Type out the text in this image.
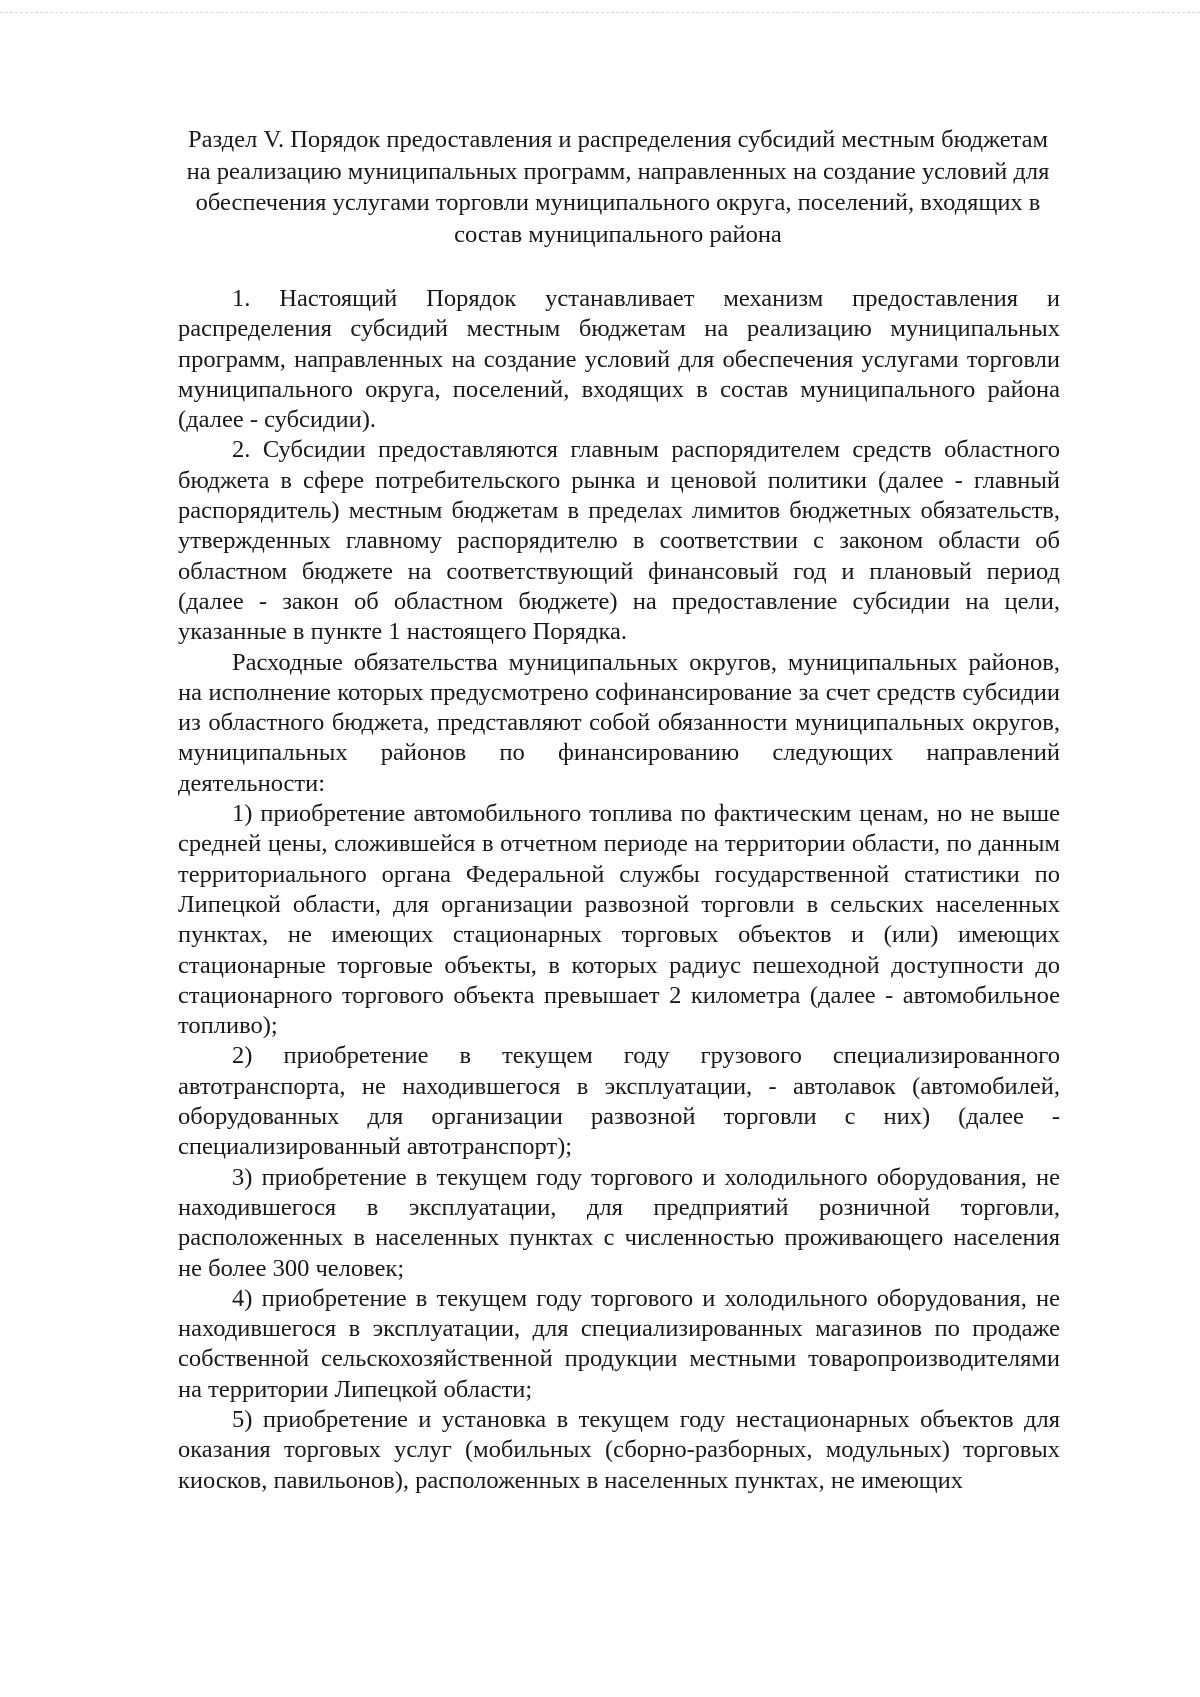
Раздел V. Порядок предоставления и распределения субсидий местным бюджетам на реализацию муниципальных программ, направленных на создание условий для обеспечения услугами торговли муниципального округа, поселений, входящих в состав муниципального района

1. Настоящий Порядок устанавливает механизм предоставления и распределения субсидий местным бюджетам на реализацию муниципальных программ, направленных на создание условий для обеспечения услугами торговли муниципального округа, поселений, входящих в состав муниципального района (далее - субсидии).

2. Субсидии предоставляются главным распорядителем средств областного бюджета в сфере потребительского рынка и ценовой политики (далее - главный распорядитель) местным бюджетам в пределах лимитов бюджетных обязательств, утвержденных главному распорядителю в соответствии с законом области об областном бюджете на соответствующий финансовый год и плановый период (далее - закон об областном бюджете) на предоставление субсидии на цели, указанные в пункте 1 настоящего Порядка.

Расходные обязательства муниципальных округов, муниципальных районов, на исполнение которых предусмотрено софинансирование за счет средств субсидии из областного бюджета, представляют собой обязанности муниципальных округов, муниципальных районов по финансированию следующих направлений деятельности:

1) приобретение автомобильного топлива по фактическим ценам, но не выше средней цены, сложившейся в отчетном периоде на территории области, по данным территориального органа Федеральной службы государственной статистики по Липецкой области, для организации развозной торговли в сельских населенных пунктах, не имеющих стационарных торговых объектов и (или) имеющих стационарные торговые объекты, в которых радиус пешеходной доступности до стационарного торгового объекта превышает 2 километра (далее - автомобильное топливо);

2) приобретение в текущем году грузового специализированного автотранспорта, не находившегося в эксплуатации, - автолавок (автомобилей, оборудованных для организации развозной торговли с них) (далее - специализированный автотранспорт);

3) приобретение в текущем году торгового и холодильного оборудования, не находившегося в эксплуатации, для предприятий розничной торговли, расположенных в населенных пунктах с численностью проживающего населения не более 300 человек;

4) приобретение в текущем году торгового и холодильного оборудования, не находившегося в эксплуатации, для специализированных магазинов по продаже собственной сельскохозяйственной продукции местными товаропроизводителями на территории Липецкой области;

5) приобретение и установка в текущем году нестационарных объектов для оказания торговых услуг (мобильных (сборно-разборных, модульных) торговых киосков, павильонов), расположенных в населенных пунктах, не имеющих
